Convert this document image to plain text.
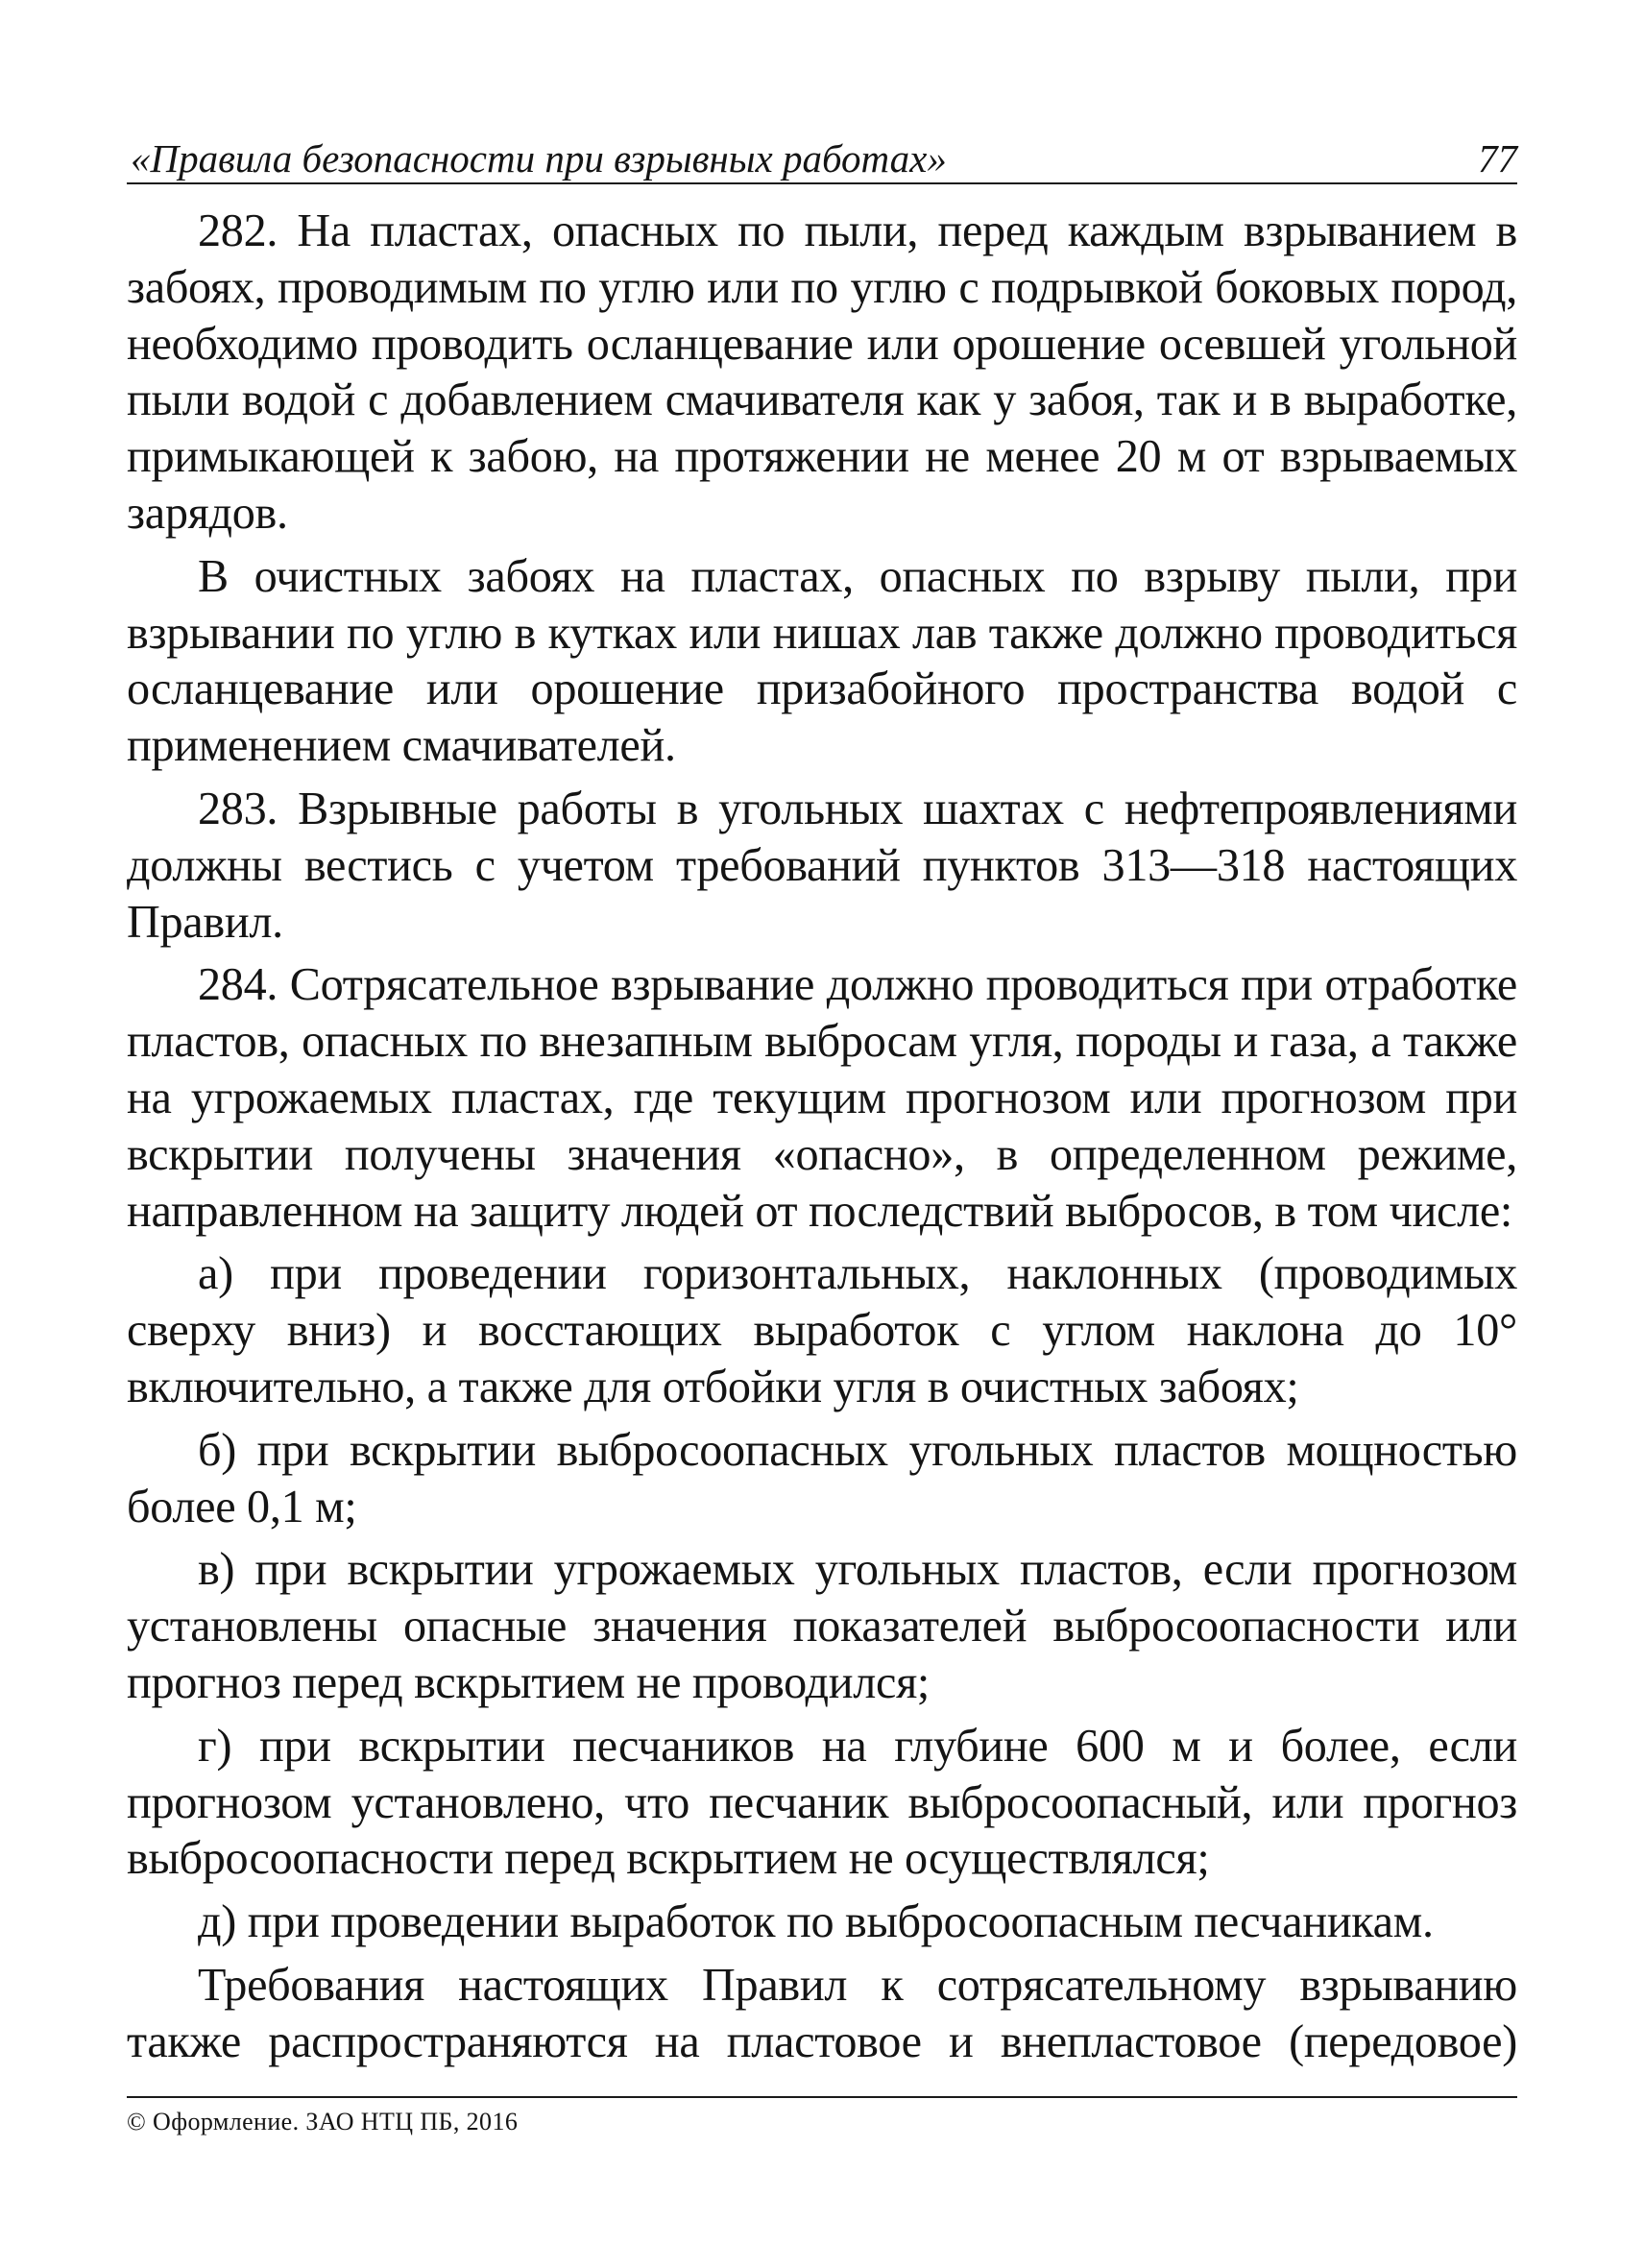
«Правила безопасности при взрывных работах»	77

282. На пластах, опасных по пыли, перед каждым взрыванием в забоях, проводимым по углю или по углю с подрывкой боковых пород, необходимо проводить осланцевание или орошение осевшей угольной пыли водой с добавлением смачивателя как у забоя, так и в выработке, примыкающей к забою, на протяжении не менее 20 м от взрываемых зарядов.

В очистных забоях на пластах, опасных по взрыву пыли, при взрывании по углю в кутках или нишах лав также должно проводиться осланцевание или орошение призабойного пространства водой с применением смачивателей.

283. Взрывные работы в угольных шахтах с нефтепроявлениями должны вестись с учетом требований пунктов 313—318 настоящих Правил.

284. Сотрясательное взрывание должно проводиться при отработке пластов, опасных по внезапным выбросам угля, породы и газа, а также на угрожаемых пластах, где текущим прогнозом или прогнозом при вскрытии получены значения «опасно», в определенном режиме, направленном на защиту людей от последствий выбросов, в том числе:

а) при проведении горизонтальных, наклонных (проводимых сверху вниз) и восстающих выработок с углом наклона до 10° включительно, а также для отбойки угля в очистных забоях;

б) при вскрытии выбросоопасных угольных пластов мощностью более 0,1 м;

в) при вскрытии угрожаемых угольных пластов, если прогнозом установлены опасные значения показателей выбросоопасности или прогноз перед вскрытием не проводился;

г) при вскрытии песчаников на глубине 600 м и более, если прогнозом установлено, что песчаник выбросоопасный, или прогноз выбросоопасности перед вскрытием не осуществлялся;

д) при проведении выработок по выбросоопасным песчаникам.

Требования настоящих Правил к сотрясательному взрыванию также распространяются на пластовое и внепластовое (передовое)

© Оформление. ЗАО НТЦ ПБ, 2016
